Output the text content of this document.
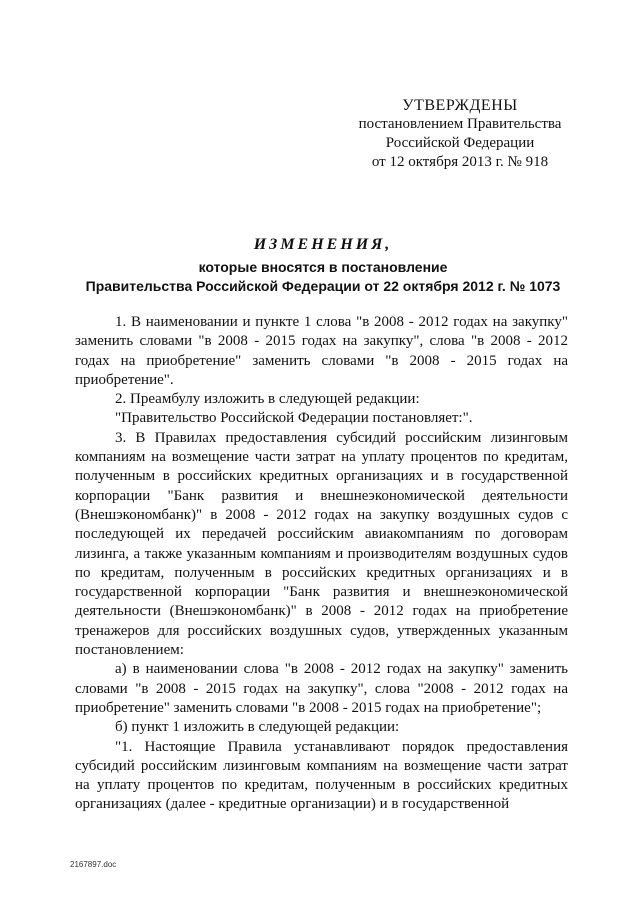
УТВЕРЖДЕНЫ
постановлением Правительства
Российской Федерации
от 12 октября 2013 г. № 918
ИЗМЕНЕНИЯ,
которые вносятся в постановление
Правительства Российской Федерации от 22 октября 2012 г. № 1073

1. В наименовании и пункте 1 слова "в 2008 - 2012 годах на закупку" заменить словами "в 2008 - 2015 годах на закупку", слова "в 2008 - 2012 годах на приобретение" заменить словами "в 2008 - 2015 годах на приобретение".

2. Преамбулу изложить в следующей редакции:

"Правительство Российской Федерации постановляет:".

3. В Правилах предоставления субсидий российским лизинговым компаниям на возмещение части затрат на уплату процентов по кредитам, полученным в российских кредитных организациях и в государственной корпорации "Банк развития и внешнеэкономической деятельности (Внешэкономбанк)" в 2008 - 2012 годах на закупку воздушных судов с последующей их передачей российским авиакомпаниям по договорам лизинга, а также указанным компаниям и производителям воздушных судов по кредитам, полученным в российских кредитных организациях и в государственной корпорации "Банк развития и внешнеэкономической деятельности (Внешэкономбанк)" в 2008 - 2012 годах на приобретение тренажеров для российских воздушных судов, утвержденных указанным постановлением:

а) в наименовании слова "в 2008 - 2012 годах на закупку" заменить словами "в 2008 - 2015 годах на закупку", слова "2008 - 2012 годах на приобретение" заменить словами "в 2008 - 2015 годах на приобретение";

б) пункт 1 изложить в следующей редакции:

"1. Настоящие Правила устанавливают порядок предоставления субсидий российским лизинговым компаниям на возмещение части затрат на уплату процентов по кредитам, полученным в российских кредитных организациях (далее - кредитные организации) и в государственной

2167897.doc
